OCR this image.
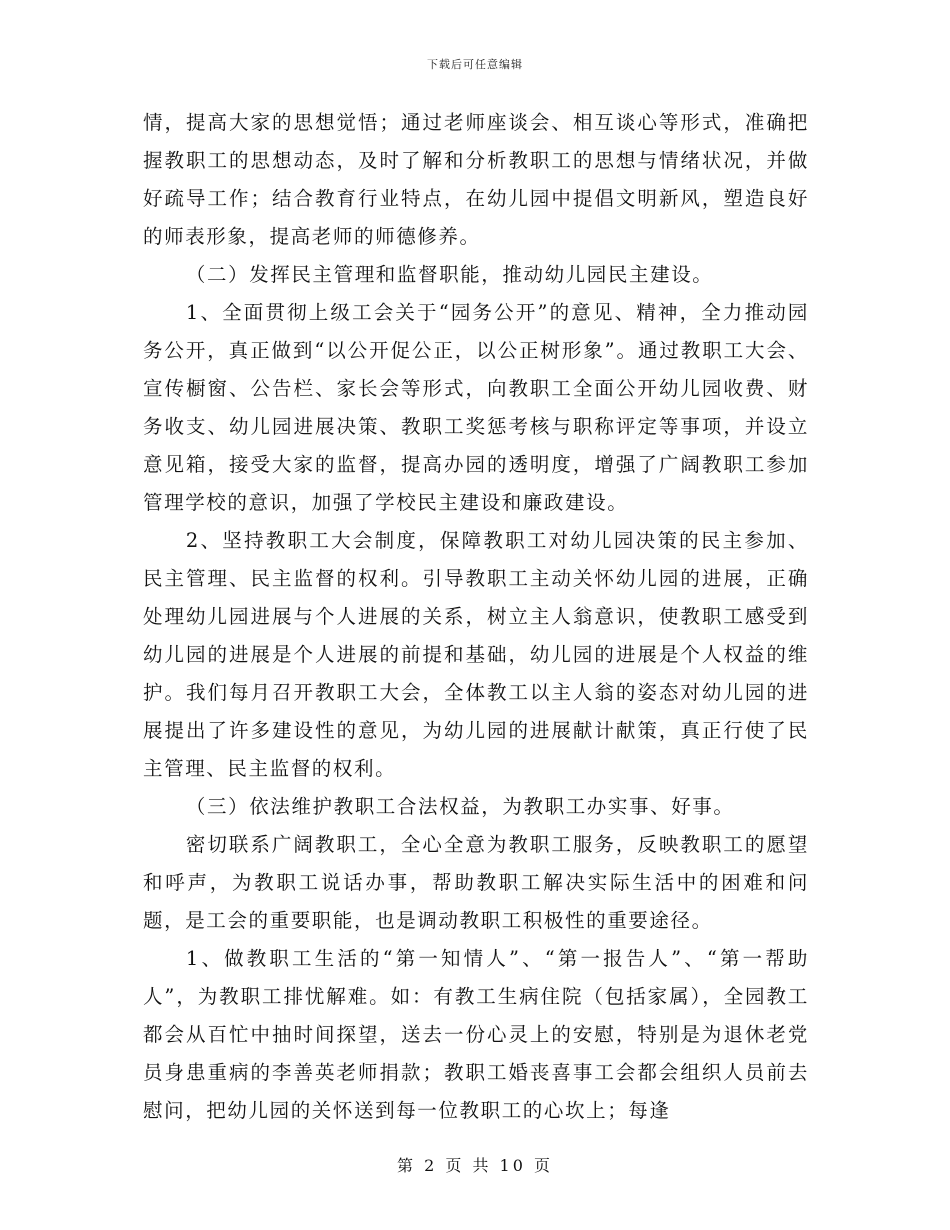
下载后可任意编辑

情，提高大家的思想觉悟；通过老师座谈会、相互谈心等形式，准确把握教职工的思想动态，及时了解和分析教职工的思想与情绪状况，并做好疏导工作；结合教育行业特点，在幼儿园中提倡文明新风，塑造良好的师表形象，提高老师的师德修养。

（二）发挥民主管理和监督职能，推动幼儿园民主建设。

1、全面贯彻上级工会关于“园务公开”的意见、精神，全力推动园务公开，真正做到“以公开促公正，以公正树形象”。通过教职工大会、宣传橱窗、公告栏、家长会等形式，向教职工全面公开幼儿园收费、财务收支、幼儿园进展决策、教职工奖惩考核与职称评定等事项，并设立意见箱，接受大家的监督，提高办园的透明度，增强了广阔教职工参加管理学校的意识，加强了学校民主建设和廉政建设。

2、坚持教职工大会制度，保障教职工对幼儿园决策的民主参加、民主管理、民主监督的权利。引导教职工主动关怀幼儿园的进展，正确处理幼儿园进展与个人进展的关系，树立主人翁意识，使教职工感受到幼儿园的进展是个人进展的前提和基础，幼儿园的进展是个人权益的维护。我们每月召开教职工大会，全体教工以主人翁的姿态对幼儿园的进展提出了许多建设性的意见，为幼儿园的进展献计献策，真正行使了民主管理、民主监督的权利。

（三）依法维护教职工合法权益，为教职工办实事、好事。

密切联系广阔教职工，全心全意为教职工服务，反映教职工的愿望和呼声，为教职工说话办事，帮助教职工解决实际生活中的困难和问题，是工会的重要职能，也是调动教职工积极性的重要途径。

1、做教职工生活的“第一知情人”、“第一报告人”、“第一帮助人”，为教职工排忧解难。如：有教工生病住院（包括家属），全园教工都会从百忙中抽时间探望，送去一份心灵上的安慰，特别是为退休老党员身患重病的李善英老师捐款；教职工婚丧喜事工会都会组织人员前去慰问，把幼儿园的关怀送到每一位教职工的心坎上；每逢

第 2 页 共 10 页
